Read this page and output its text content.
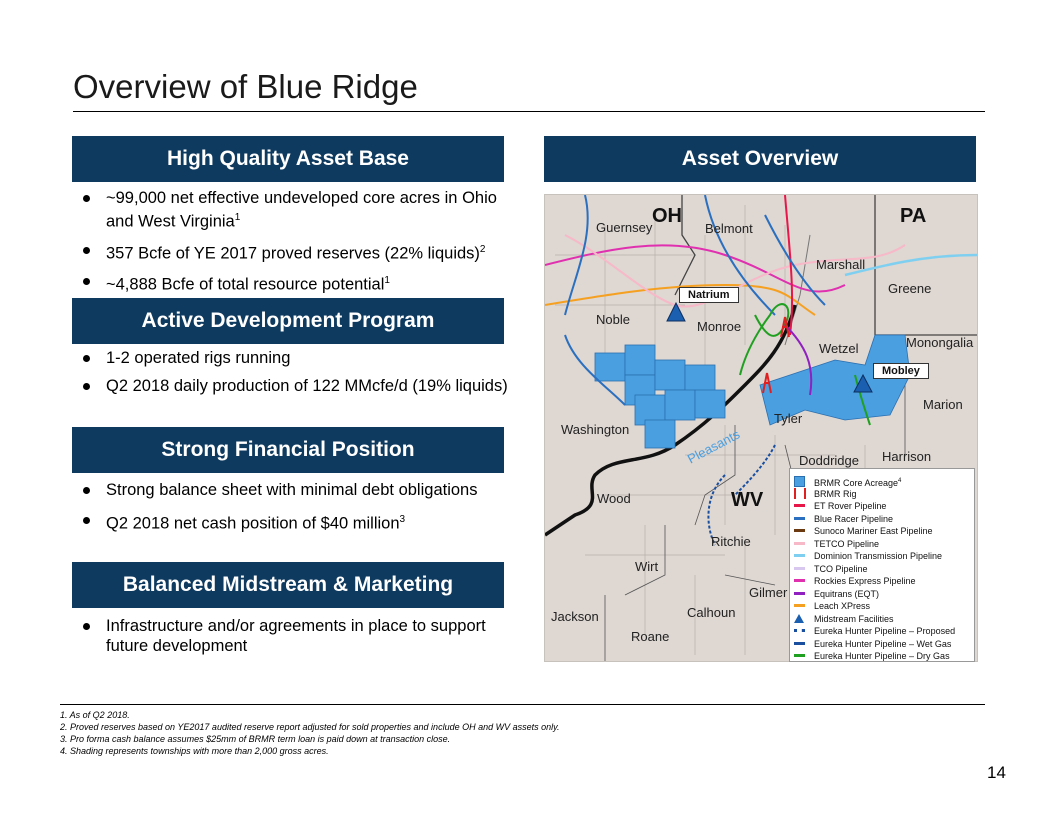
Overview of Blue Ridge
High Quality Asset Base
Active Development Program
Strong Financial Position
Balanced Midstream & Marketing
Asset Overview
~99,000 net effective undeveloped core acres in Ohio and West Virginia$^1$
357 Bcfe of YE 2017 proved reserves (22% liquids)$^2$
~4,888 Bcfe of total resource potential$^1$
1-2 operated rigs running
Q2 2018 daily production of 122 MMcfe/d (19% liquids)
Strong balance sheet with minimal debt obligations
Q2 2018 net cash position of $40 million$^3$
Infrastructure and/or agreements in place to support future development
OH	PA
WV
Guernsey	Belmont
Marshall
Greene
Noble	Monroe
Wetzel	Monongalia
Marion
Tyler
Washington	Pleasants	Doddridge Harrison
Wood
Ritchie
Wirt
Gilmer
Jackson	Calhoun
Roane
Natrium
Mobley
BRMR Core Acreage$^4$
BRMR Rig
ET Rover Pipeline
Blue Racer Pipeline
Sunoco Mariner East Pipeline
TETCO Pipeline
Dominion Transmission Pipeline
TCO Pipeline
Rockies Express Pipeline
Equitrans (EQT)
Leach XPress
Midstream Facilities
Eureka Hunter Pipeline – Proposed
Eureka Hunter Pipeline – Wet Gas
Eureka Hunter Pipeline – Dry Gas
1. As of Q2 2018.
2. Proved reserves based on YE2017 audited reserve report adjusted for sold properties and include OH and WV assets only.
3. Pro forma cash balance assumes $25mm of BRMR term loan is paid down at transaction close.
4. Shading represents townships with more than 2,000 gross acres.
14
